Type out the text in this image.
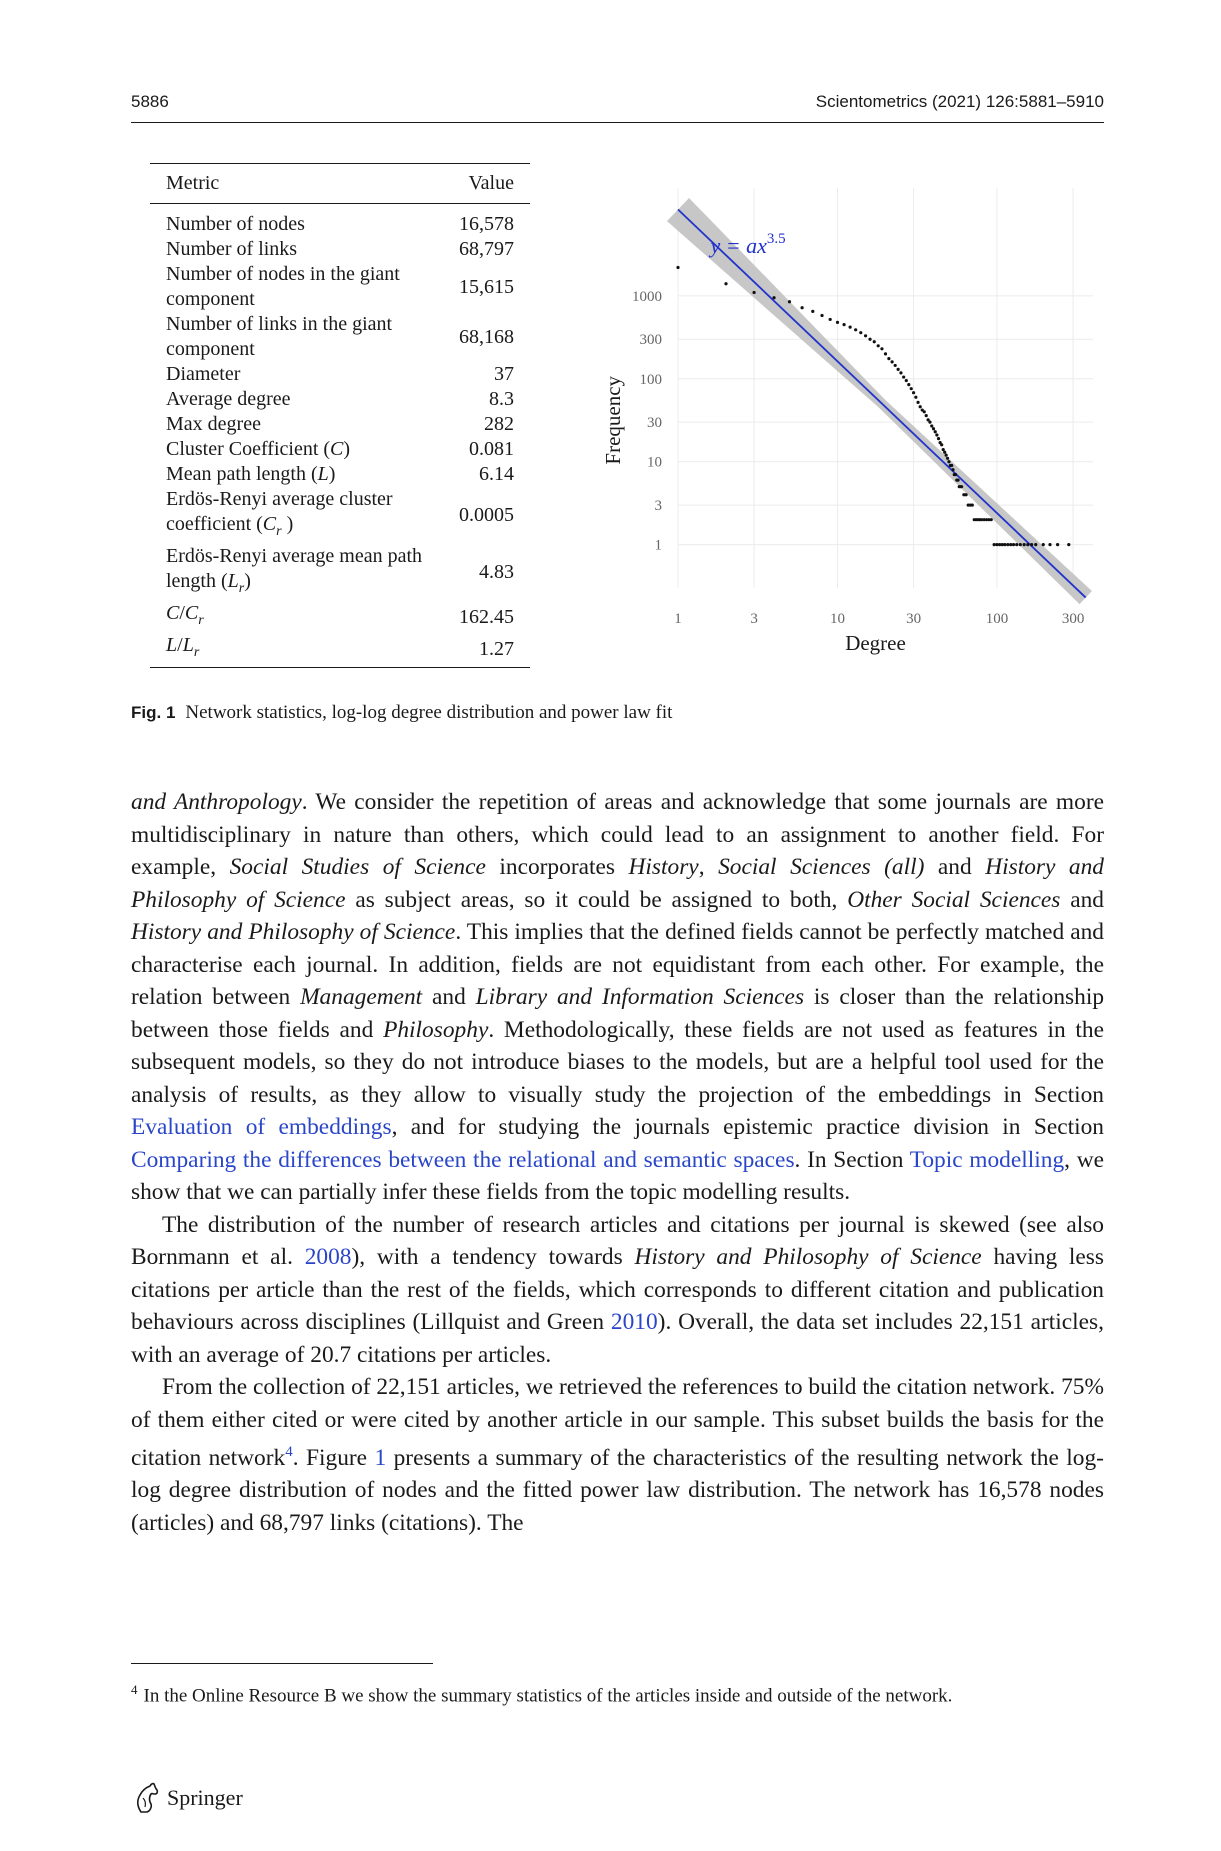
5886	Scientometrics (2021) 126:5881–5910
Metric	Value
Number of nodes	16,578
Number of links	68,797
Number of nodes in the giant component	15,615
Number of links in the giant component	68,168
Diameter	37
Average degree	8.3
Max degree	282
Cluster Coefficient (C)	0.081
Mean path length (L)	6.14
Erdös-Renyi average cluster coefficient ($C_r$ )	0.0005
Erdös-Renyi average mean path length $(L_r)$	4.83
$C/C_r$	162.45
$L/L_r$	1.27
1	3	10	30	100	300
1
3
10
30
100
300
1000
$y = ax^{3.5}$
Degree
Frequency
Fig. 1 Network statistics, log-log degree distribution and power law fit

and Anthropology. We consider the repetition of areas and acknowledge that some journals are more multidisciplinary in nature than others, which could lead to an assignment to another field. For example, Social Studies of Science incorporates History, Social Sciences (all) and History and Philosophy of Science as subject areas, so it could be assigned to both, Other Social Sciences and History and Philosophy of Science. This implies that the defined fields cannot be perfectly matched and characterise each journal. In addition, fields are not equidistant from each other. For example, the relation between Management and Library and Information Sciences is closer than the relationship between those fields and Philosophy. Methodologically, these fields are not used as features in the subsequent models, so they do not introduce biases to the models, but are a helpful tool used for the analysis of results, as they allow to visually study the projection of the embeddings in Section Evaluation of embeddings, and for studying the journals epistemic practice division in Section Comparing the differences between the relational and semantic spaces. In Section Topic modelling, we show that we can partially infer these fields from the topic modelling results.

The distribution of the number of research articles and citations per journal is skewed (see also Bornmann et al. 2008), with a tendency towards History and Philosophy of Science having less citations per article than the rest of the fields, which corresponds to different citation and publication behaviours across disciplines (Lillquist and Green 2010). Overall, the data set includes 22,151 articles, with an average of 20.7 citations per articles.

From the collection of 22,151 articles, we retrieved the references to build the citation network. 75% of them either cited or were cited by another article in our sample. This subset builds the basis for the citation network$^4$. Figure 1 presents a summary of the characteristics of the resulting network the log-log degree distribution of nodes and the fitted power law distribution. The network has 16,578 nodes (articles) and 68,797 links (citations). The

$^4$ In the Online Resource B we show the summary statistics of the articles inside and outside of the network.
Springer
